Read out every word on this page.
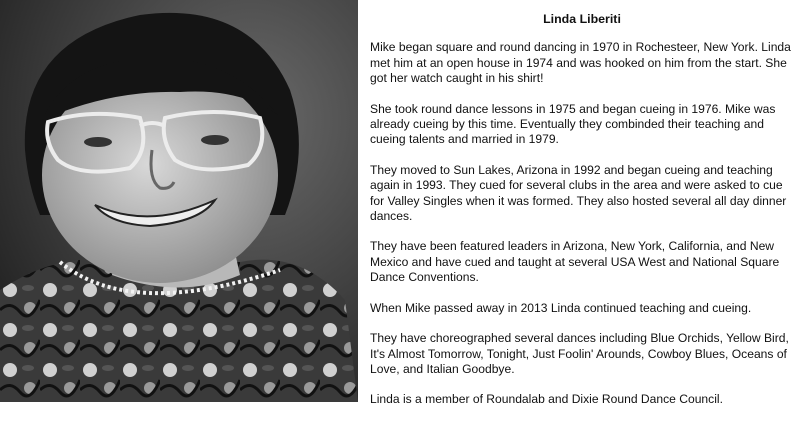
Linda Liberiti

Mike began square and round dancing in 1970 in Rochesteer, New York. Linda met him at an open house in 1974 and was hooked on him from the start. She got her watch caught in his shirt!

She took round dance lessons in 1975 and began cueing in 1976. Mike was already cueing by this time. Eventually they combinded their teaching and cueing talents and married in 1979.

They moved to Sun Lakes, Arizona in 1992 and began cueing and teaching again in 1993. They cued for several clubs in the area and were asked to cue for Valley Singles when it was formed. They also hosted several all day dinner dances.

They have been featured leaders in Arizona, New York, California, and New Mexico and have cued and taught at several USA West and National Square Dance Conventions.

When Mike passed away in 2013 Linda continued teaching and cueing.

They have choreographed several dances including Blue Orchids, Yellow Bird, It's Almost Tomorrow, Tonight, Just Foolin' Arounds, Cowboy Blues, Oceans of Love, and Italian Goodbye.

Linda is a member of Roundalab and Dixie Round Dance Council.
